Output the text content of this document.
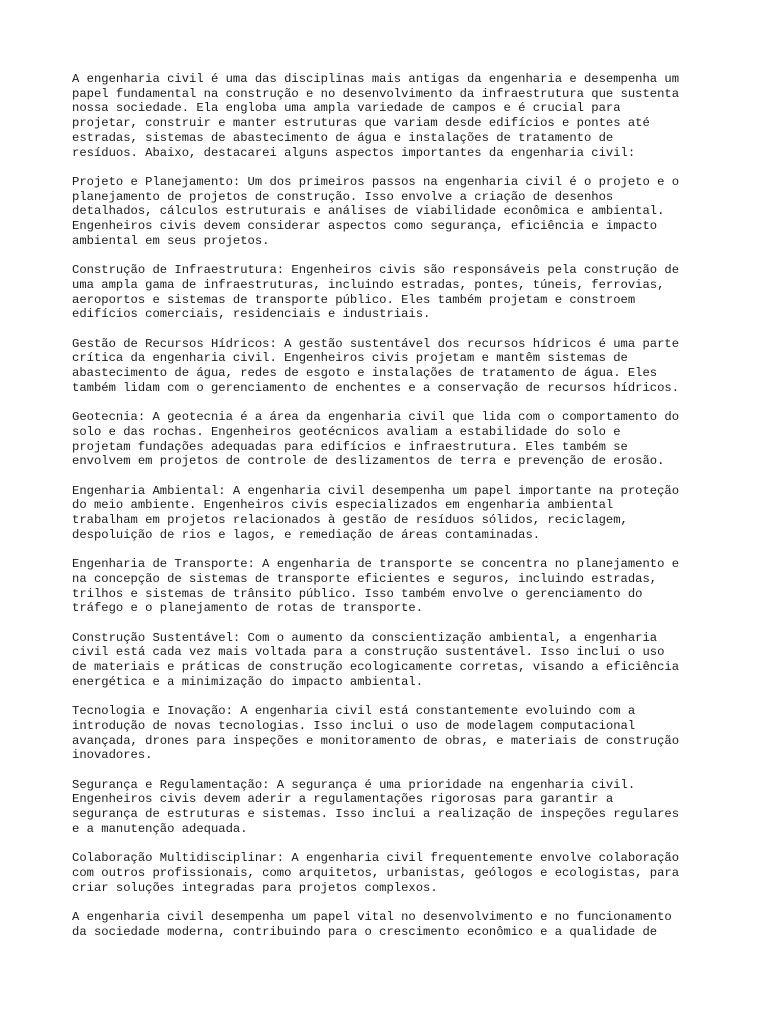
A engenharia civil é uma das disciplinas mais antigas da engenharia e desempenha um
papel fundamental na construção e no desenvolvimento da infraestrutura que sustenta
nossa sociedade. Ela engloba uma ampla variedade de campos e é crucial para
projetar, construir e manter estruturas que variam desde edifícios e pontes até
estradas, sistemas de abastecimento de água e instalações de tratamento de
resíduos. Abaixo, destacarei alguns aspectos importantes da engenharia civil:

Projeto e Planejamento: Um dos primeiros passos na engenharia civil é o projeto e o
planejamento de projetos de construção. Isso envolve a criação de desenhos
detalhados, cálculos estruturais e análises de viabilidade econômica e ambiental.
Engenheiros civis devem considerar aspectos como segurança, eficiência e impacto
ambiental em seus projetos.

Construção de Infraestrutura: Engenheiros civis são responsáveis pela construção de
uma ampla gama de infraestruturas, incluindo estradas, pontes, túneis, ferrovias,
aeroportos e sistemas de transporte público. Eles também projetam e constroem
edifícios comerciais, residenciais e industriais.

Gestão de Recursos Hídricos: A gestão sustentável dos recursos hídricos é uma parte
crítica da engenharia civil. Engenheiros civis projetam e mantêm sistemas de
abastecimento de água, redes de esgoto e instalações de tratamento de água. Eles
também lidam com o gerenciamento de enchentes e a conservação de recursos hídricos.

Geotecnia: A geotecnia é a área da engenharia civil que lida com o comportamento do
solo e das rochas. Engenheiros geotécnicos avaliam a estabilidade do solo e
projetam fundações adequadas para edifícios e infraestrutura. Eles também se
envolvem em projetos de controle de deslizamentos de terra e prevenção de erosão.

Engenharia Ambiental: A engenharia civil desempenha um papel importante na proteção
do meio ambiente. Engenheiros civis especializados em engenharia ambiental
trabalham em projetos relacionados à gestão de resíduos sólidos, reciclagem,
despoluição de rios e lagos, e remediação de áreas contaminadas.

Engenharia de Transporte: A engenharia de transporte se concentra no planejamento e
na concepção de sistemas de transporte eficientes e seguros, incluindo estradas,
trilhos e sistemas de trânsito público. Isso também envolve o gerenciamento do
tráfego e o planejamento de rotas de transporte.

Construção Sustentável: Com o aumento da conscientização ambiental, a engenharia
civil está cada vez mais voltada para a construção sustentável. Isso inclui o uso
de materiais e práticas de construção ecologicamente corretas, visando a eficiência
energética e a minimização do impacto ambiental.

Tecnologia e Inovação: A engenharia civil está constantemente evoluindo com a
introdução de novas tecnologias. Isso inclui o uso de modelagem computacional
avançada, drones para inspeções e monitoramento de obras, e materiais de construção
inovadores.

Segurança e Regulamentação: A segurança é uma prioridade na engenharia civil.
Engenheiros civis devem aderir a regulamentações rigorosas para garantir a
segurança de estruturas e sistemas. Isso inclui a realização de inspeções regulares
e a manutenção adequada.

Colaboração Multidisciplinar: A engenharia civil frequentemente envolve colaboração
com outros profissionais, como arquitetos, urbanistas, geólogos e ecologistas, para
criar soluções integradas para projetos complexos.

A engenharia civil desempenha um papel vital no desenvolvimento e no funcionamento
da sociedade moderna, contribuindo para o crescimento econômico e a qualidade de
